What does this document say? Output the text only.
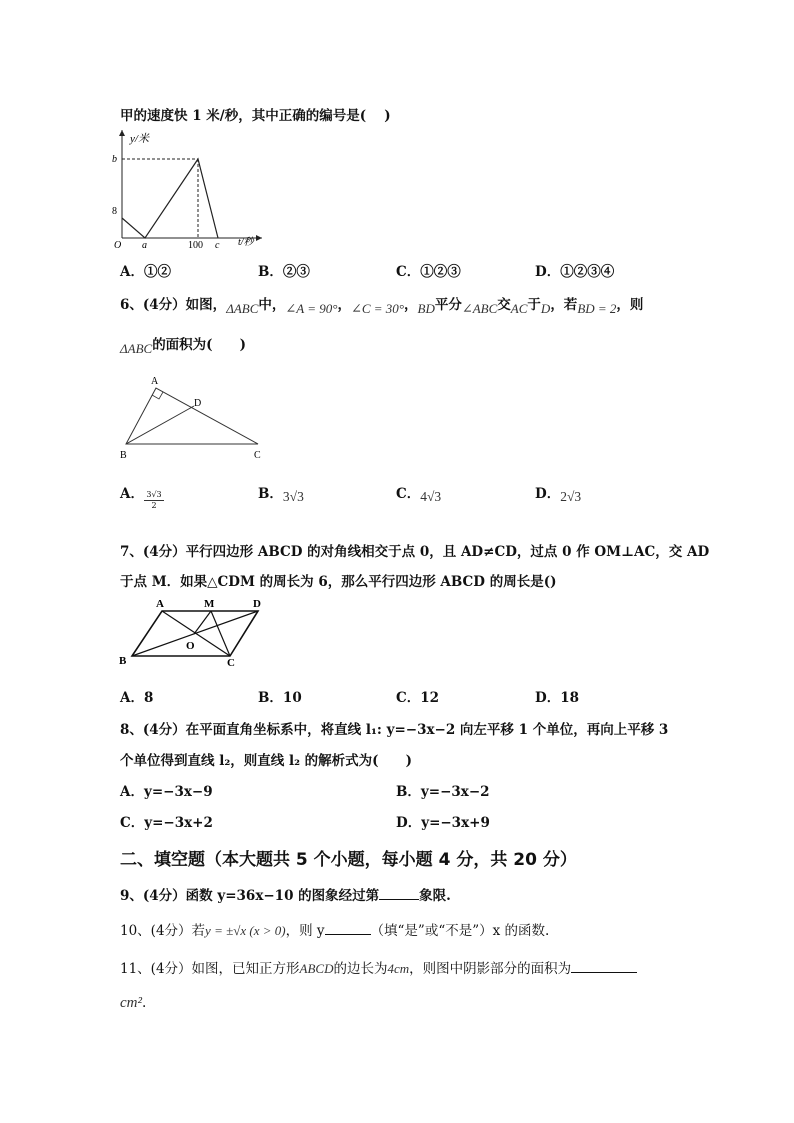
甲的速度快 1 米/秒，其中正确的编号是(　 )
y/米
b
8
O a	100 c t/秒
A．①②	B．②③	C．①②③	D．①②③④
6、(4分）如图，ΔABC中，∠A = 90°，∠C = 30°，BD平分∠ABC交AC于D，若BD = 2，则
ΔABC的面积为(　　)
A
D
B	C
A． 3√3
2
B．3√3	C．4√3	D．2√3
7、(4分）平行四边形 ABCD 的对角线相交于点 0，且 AD≠CD，过点 0 作 OM⊥AC，交 AD
于点 M．如果△CDM 的周长为 6，那么平行四边形 ABCD 的周长是()
A	M	D
O
B	C
A．8	B．10	C．12	D．18
8、(4分）在平面直角坐标系中，将直线 l₁: y=−3x−2 向左平移 1 个单位，再向上平移 3
个单位得到直线 l₂，则直线 l₂ 的解析式为(　　)
A．y=−3x−9	B．y=−3x−2
C．y=−3x+2	D．y=−3x+9
二、填空题（本大题共 5 个小题，每小题 4 分，共 20 分）
9、(4分）函数 y=36x−10 的图象经过第	象限.
10、(4分）若y = ±√x (x > 0)，则 y	（填“是”或“不是”）x 的函数.
11、(4分）如图，已知正方形ABCD的边长为4cm，则图中阴影部分的面积为
cm².
